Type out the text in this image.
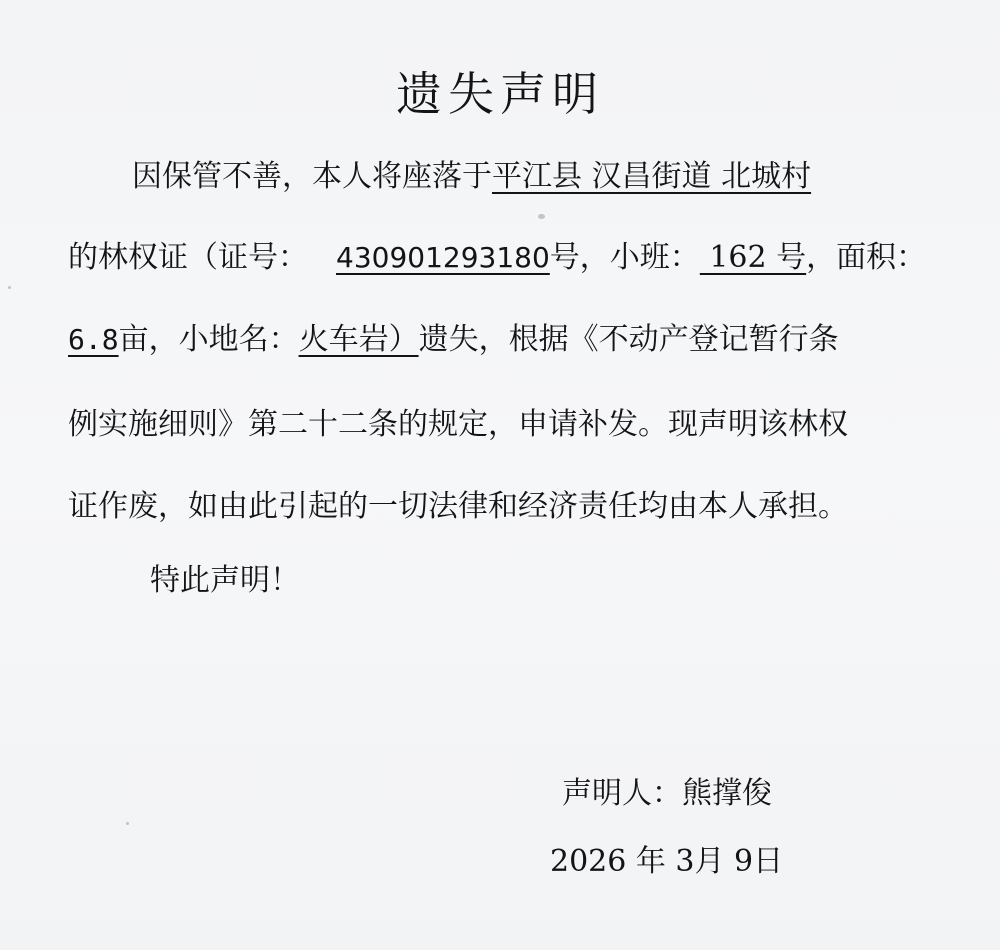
遗失声明
因保管不善，本人将座落于平江县 汉昌街道 北城村
的林权证（证号： 430901293180号，小班： 162 号，面积：
6.8亩，小地名：火车岩）遗失，根据《不动产登记暂行条
例实施细则》第二十二条的规定，申请补发。现声明该林权
证作废，如由此引起的一切法律和经济责任均由本人承担。
特此声明！
声明人：熊撑俊
2026 年 3月 9日
